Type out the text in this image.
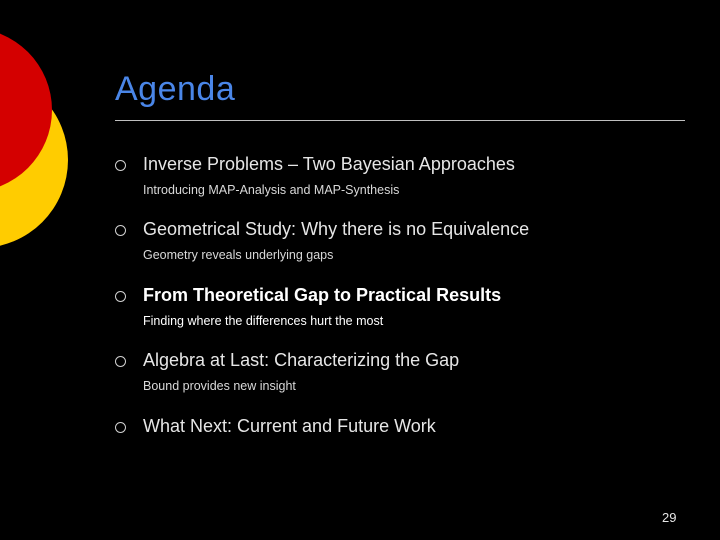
Agenda
Inverse Problems – Two Bayesian Approaches
Introducing MAP-Analysis and MAP-Synthesis
Geometrical Study: Why there is no Equivalence
Geometry reveals underlying gaps
From Theoretical Gap to Practical Results
Finding where the differences hurt the most
Algebra at Last: Characterizing the Gap
Bound provides new insight
What Next: Current and Future Work
29
